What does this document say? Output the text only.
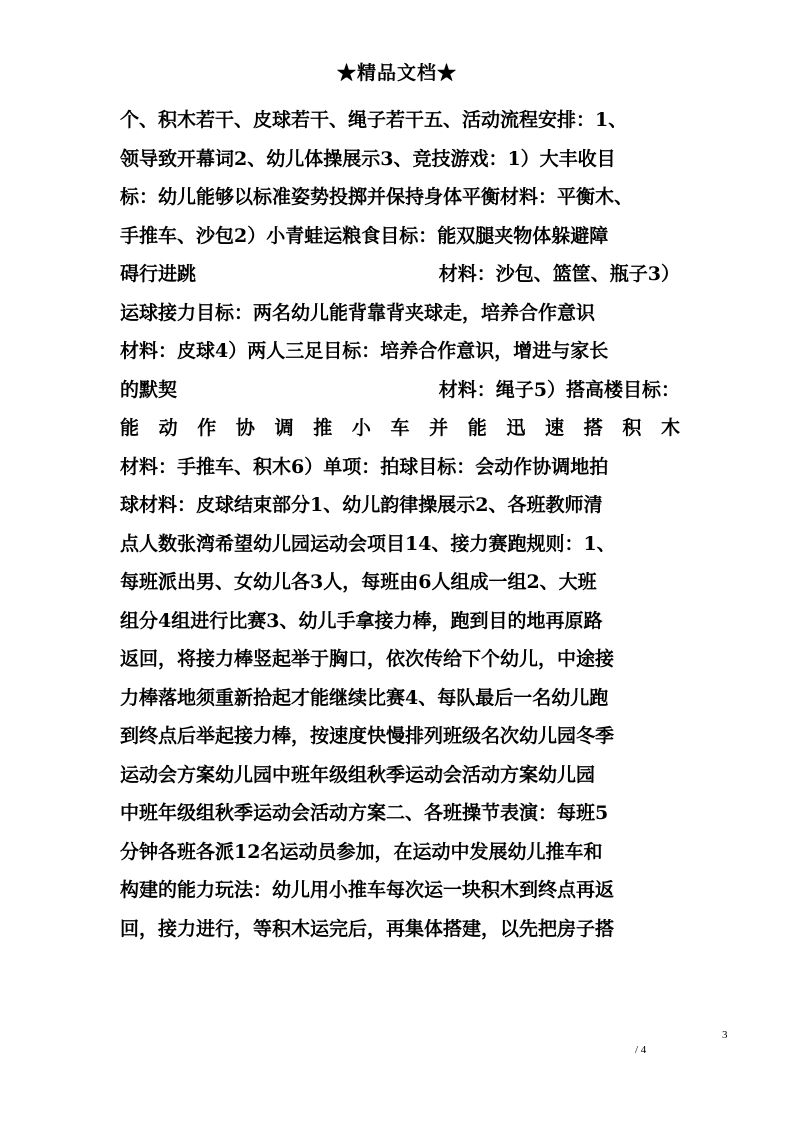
★精品文档★
个、积木若干、皮球若干、绳子若干五、活动流程安排：1、
领导致开幕词2、幼儿体操展示3、竞技游戏：1）大丰收目
标：幼儿能够以标准姿势投掷并保持身体平衡材料：平衡木、
手推车、沙包2）小青蛙运粮食目标：能双腿夹物体躲避障
碍行进跳	材料：沙包、篮筐、瓶子3）
运球接力目标：两名幼儿能背靠背夹球走，培养合作意识
材料：皮球4）两人三足目标：培养合作意识，增进与家长
的默契	材料：绳子5）搭高楼目标：
能动作协调推小车并能迅速搭积木
材料：手推车、积木6）单项：拍球目标：会动作协调地拍
球材料：皮球结束部分1、幼儿韵律操展示2、各班教师清
点人数张湾希望幼儿园运动会项目14、接力赛跑规则：1、
每班派出男、女幼儿各3人，每班由6人组成一组2、大班
组分4组进行比赛3、幼儿手拿接力棒，跑到目的地再原路
返回，将接力棒竖起举于胸口，依次传给下个幼儿，中途接
力棒落地须重新拾起才能继续比赛4、每队最后一名幼儿跑
到终点后举起接力棒，按速度快慢排列班级名次幼儿园冬季
运动会方案幼儿园中班年级组秋季运动会活动方案幼儿园
中班年级组秋季运动会活动方案二、各班操节表演：每班5
分钟各班各派12名运动员参加，在运动中发展幼儿推车和
构建的能力玩法：幼儿用小推车每次运一块积木到终点再返
回，接力进行，等积木运完后，再集体搭建，以先把房子搭
3
/ 4
